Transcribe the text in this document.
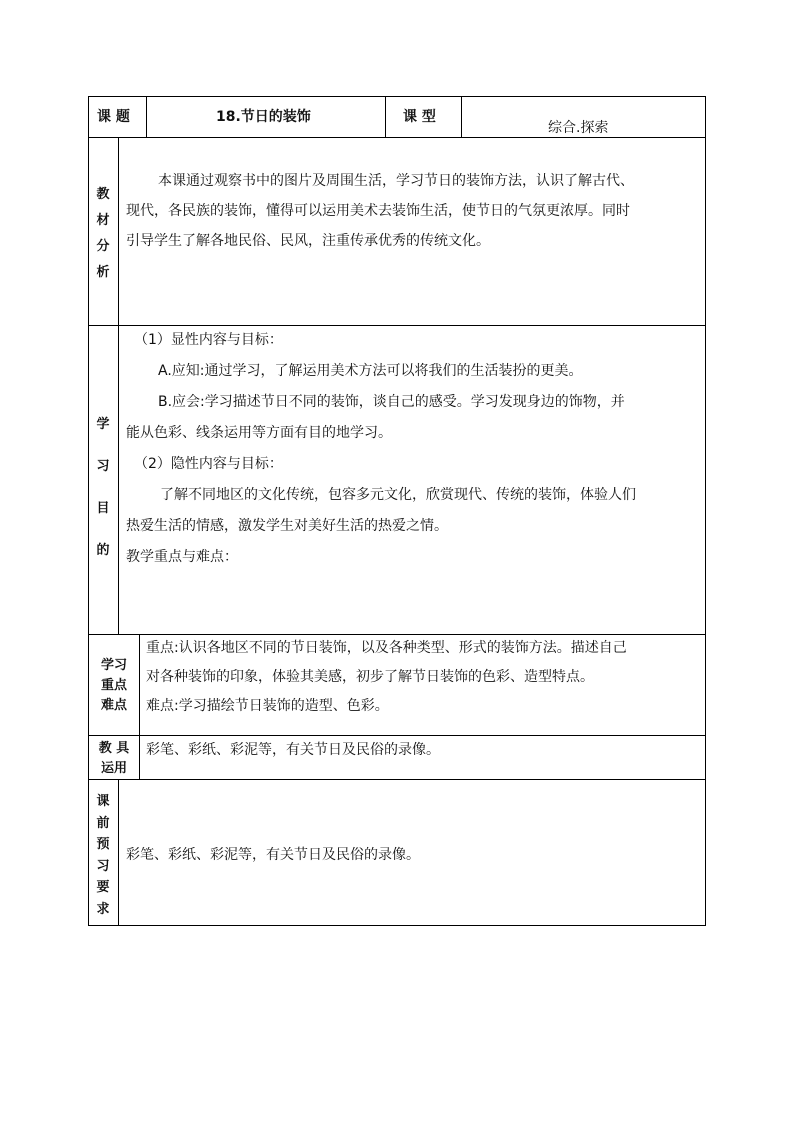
课 题	18.节日的装饰	课 型
综合.探索
教
材
分
析
本课通过观察书中的图片及周围生活，学习节日的装饰方法，认识了解古代、
现代，各民族的装饰，懂得可以运用美术去装饰生活，使节日的气氛更浓厚。同时
引导学生了解各地民俗、民风，注重传承优秀的传统文化。
学
习
目
的
（1）显性内容与目标：
A.应知:通过学习，了解运用美术方法可以将我们的生活装扮的更美。
B.应会:学习描述节日不同的装饰，谈自己的感受。学习发现身边的饰物，并
能从色彩、线条运用等方面有目的地学习。
（2）隐性内容与目标：
了解不同地区的文化传统，包容多元文化，欣赏现代、传统的装饰，体验人们
热爱生活的情感，激发学生对美好生活的热爱之情。
教学重点与难点：
学习
重点
难点
重点:认识各地区不同的节日装饰，以及各种类型、形式的装饰方法。描述自己
对各种装饰的印象，体验其美感，初步了解节日装饰的色彩、造型特点。
难点:学习描绘节日装饰的造型、色彩。
教 具
运用
彩笔、彩纸、彩泥等，有关节日及民俗的录像。
课
前
预
习
要
求
彩笔、彩纸、彩泥等，有关节日及民俗的录像。
